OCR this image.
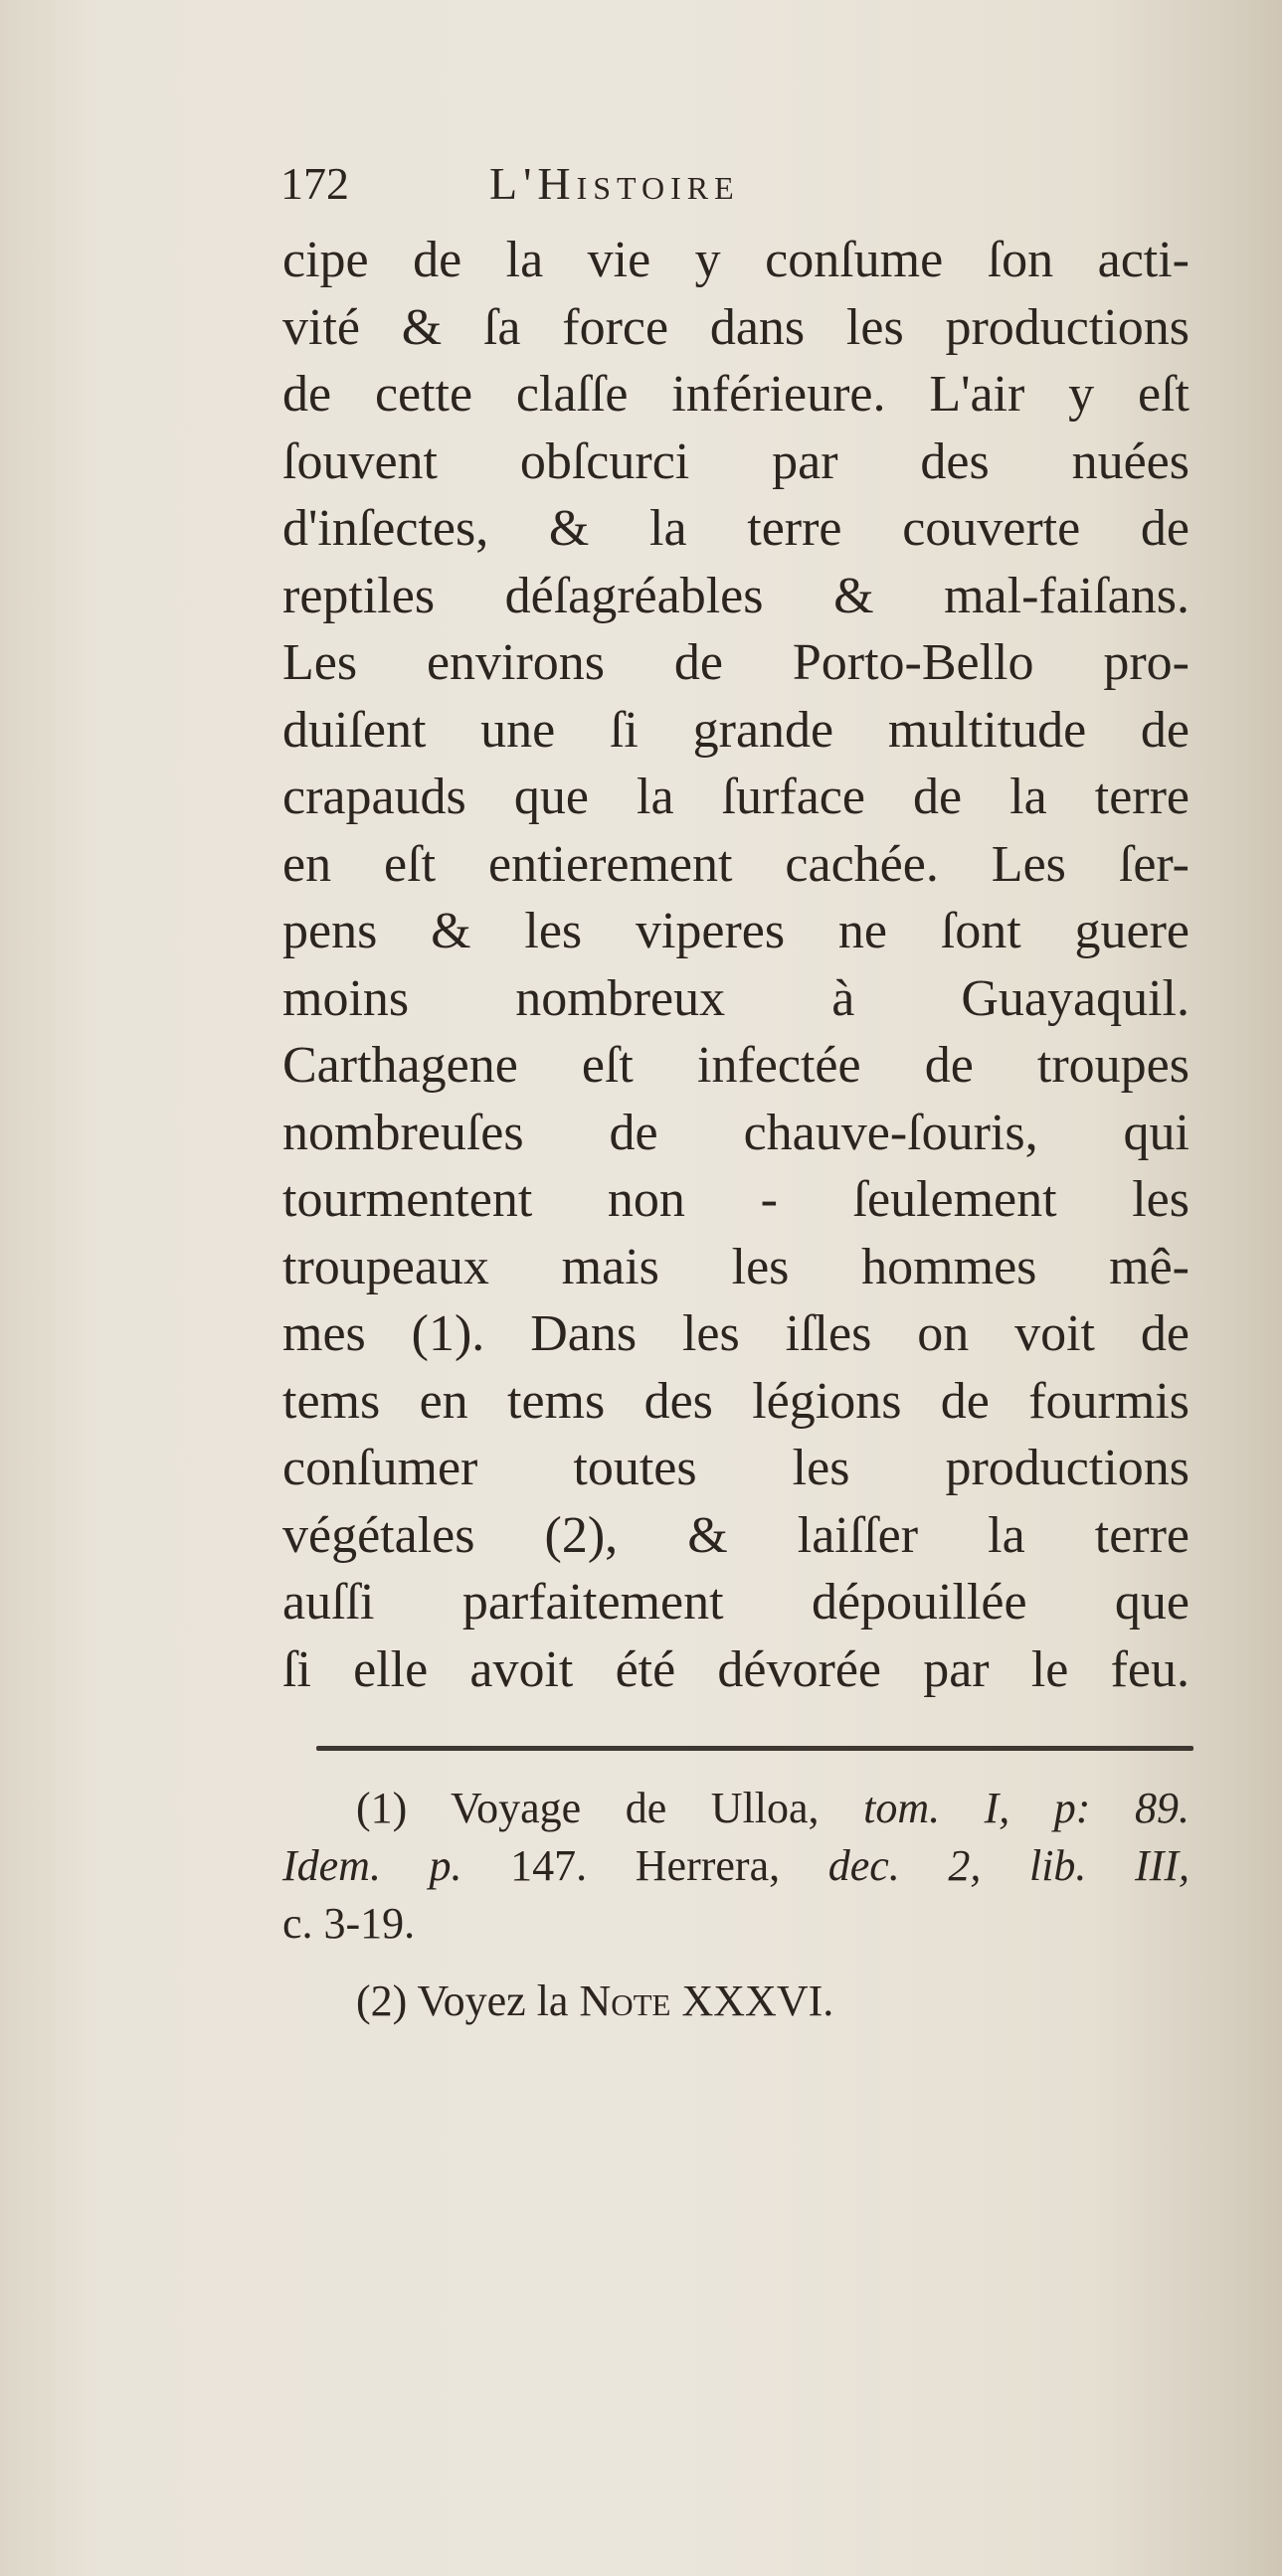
172	L'Histoire
cipe de la vie y conſume ſon acti-
vité & ſa force dans les productions
de cette claſſe inférieure. L'air y eſt
ſouvent obſcurci par des nuées
d'inſectes, & la terre couverte de
reptiles déſagréables & mal-faiſans.
Les environs de Porto-Bello pro-
duiſent une ſi grande multitude de
crapauds que la ſurface de la terre
en eſt entierement cachée. Les ſer-
pens & les viperes ne ſont guere
moins nombreux à Guayaquil.
Carthagene eſt infectée de troupes
nombreuſes de chauve-ſouris, qui
tourmentent non - ſeulement les
troupeaux mais les hommes mê-
mes (1). Dans les iſles on voit de
tems en tems des légions de fourmis
conſumer toutes les productions
végétales (2), & laiſſer la terre
auſſi parfaitement dépouillée que
ſi elle avoit été dévorée par le feu.
(1) Voyage de Ulloa, tom. I, p: 89.
Idem. p. 147. Herrera, dec. 2, lib. III,
c. 3-19.
(2) Voyez la Note XXXVI.
